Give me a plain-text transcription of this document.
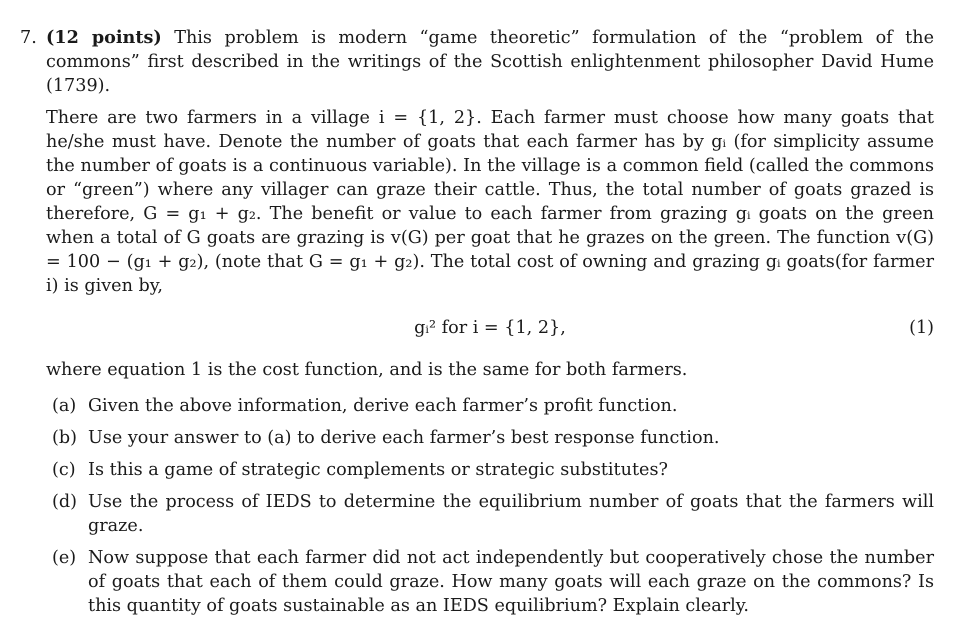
7. (12 points) This problem is modern “game theoretic” formulation of the “problem of the commons” first described in the writings of the Scottish enlightenment philosopher David Hume (1739).

There are two farmers in a village i = {1, 2}. Each farmer must choose how many goats that he/she must have. Denote the number of goats that each farmer has by gᵢ (for simplicity assume the number of goats is a continuous variable). In the village is a common field (called the commons or “green”) where any villager can graze their cattle. Thus, the total number of goats grazed is therefore, G = g₁ + g₂. The benefit or value to each farmer from grazing gᵢ goats on the green when a total of G goats are grazing is v(G) per goat that he grazes on the green. The function v(G) = 100 − (g₁ + g₂), (note that G = g₁ + g₂). The total cost of owning and grazing gᵢ goats(for farmer i) is given by,

gᵢ² for i = {1, 2},	(1)

where equation 1 is the cost function, and is the same for both farmers.

(a) Given the above information, derive each farmer’s profit function.
(b) Use your answer to (a) to derive each farmer’s best response function.
(c) Is this a game of strategic complements or strategic substitutes?
(d) Use the process of IEDS to determine the equilibrium number of goats that the farmers will graze.
(e) Now suppose that each farmer did not act independently but cooperatively chose the number of goats that each of them could graze. How many goats will each graze on the commons? Is this quantity of goats sustainable as an IEDS equilibrium? Explain clearly.
